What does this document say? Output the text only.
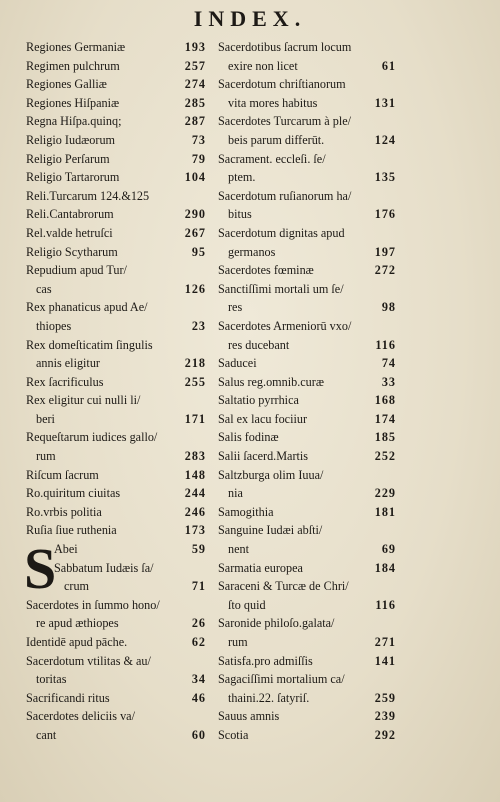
INDEX.
Regiones Germaniæ	193
Regimen pulchrum	257
Regiones Galliæ	274
Regiones Hiſpaniæ	285
Regna Hiſpa.quinq;	287
Religio Iudæorum	73
Religio Perſarum	79
Religio Tartarorum	104
Reli.Turcarum 124.&125
Reli.Cantabrorum	290
Rel.valde hetruſci	267
Religio Scytharum	95
Repudium apud Tur/
cas	126
Rex phanaticus apud Ae/
thiopes	23
Rex domeſticatim ſingulis
annis eligitur	218
Rex ſacrificulus	255
Rex eligitur cui nulli li/
beri	171
Requeſtarum iudices gallo/
rum	283
Riſcum ſacrum	148
Ro.quiritum ciuitas	244
Ro.vrbis politia	246
Ruſia ſiue ruthenia	173
S
Abei	59
Sabbatum Iudæis ſa/
crum	71
Sacerdotes in ſummo hono/
re apud æthiopes	26
Identidē apud pāche.	62
Sacerdotum vtilitas & au/
toritas	34
Sacrificandi ritus	46
Sacerdotes deliciis va/
cant	60
Sacerdotibus ſacrum locum
exire non licet	61
Sacerdotum chriſtianorum
vita mores habitus	131
Sacerdotes Turcarum à ple/
beis parum differūt.	124
Sacrament. eccleſi. ſe/
ptem.	135
Sacerdotum ruſianorum ha/
bitus	176
Sacerdotum dignitas apud
germanos	197
Sacerdotes fœminæ	272
Sanctiſſimi mortali um ſe/
res	98
Sacerdotes Armeniorū vxo/
res ducebant	116
Saducei	74
Salus reg.omnib.curæ	33
Saltatio pyrrhica	168
Sal ex lacu fociiur	174
Salis fodinæ	185
Salii ſacerd.Martis	252
Saltzburga olim Iuua/
nia	229
Samogithia	181
Sanguine Iudæi abſti/
nent	69
Sarmatia europea	184
Saraceni & Turcæ de Chri/
ſto quid	116
Saronide philoſo.galata/
rum	271
Satisfa.pro admiſſis	141
Sagaciſſimi mortalium ca/
thaini.22. ſatyriſ.	259
Sauus amnis	239
Scotia	292
